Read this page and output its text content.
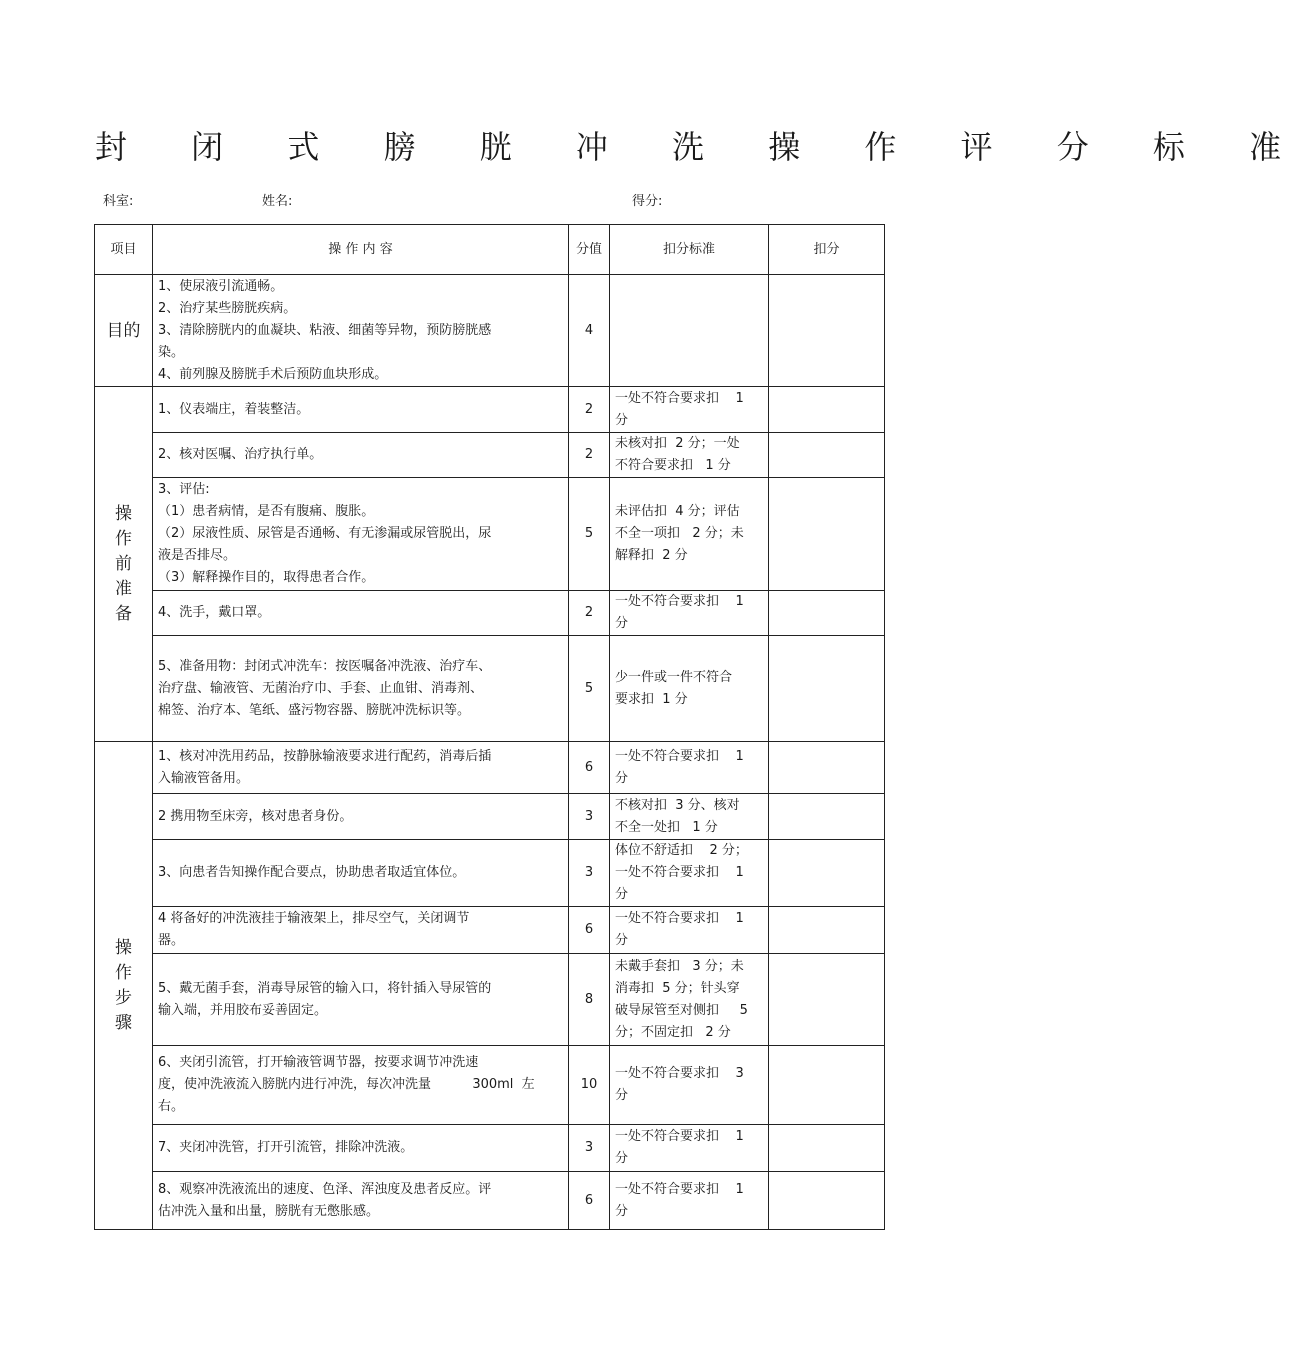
封 闭 式 膀 胱 冲 洗 操 作 评 分 标 准
科室:	姓名:	得分:
项目	操 作 内 容	分值	扣分标准	扣分
目的	1、使尿液引流通畅。
2、治疗某些膀胱疾病。
3、清除膀胱内的血凝块、粘液、细菌等异物，预防膀胱感
染。
4、前列腺及膀胱手术后预防血块形成。	4		
操作前准备	1、仪表端庄，着装整洁。	2	一处不符合要求扣    1
分	

	2、核对医嘱、治疗执行单。	2	未核对扣  2 分；一处
不符合要求扣   1 分	

	3、评估:
（1）患者病情，是否有腹痛、腹胀。
（2）尿液性质、尿管是否通畅、有无渗漏或尿管脱出，尿
液是否排尽。
（3）解释操作目的，取得患者合作。	5	未评估扣  4 分；评估
不全一项扣   2 分；未
解释扣  2 分	

	4、洗手，戴口罩。	2	一处不符合要求扣    1
分	

	5、准备用物：封闭式冲洗车：按医嘱备冲洗液、治疗车、
治疗盘、输液管、无菌治疗巾、手套、止血钳、消毒剂、
棉签、治疗本、笔纸、盛污物容器、膀胱冲洗标识等。	5	少一件或一件不符合
要求扣  1 分	

操作步骤	1、核对冲洗用药品，按静脉输液要求进行配药，消毒后插
入输液管备用。	6	一处不符合要求扣    1
分	

	2 携用物至床旁，核对患者身份。	3	不核对扣  3 分、核对
不全一处扣   1 分	

	3、向患者告知操作配合要点，协助患者取适宜体位。	3	体位不舒适扣    2 分；
一处不符合要求扣    1
分	

	4 将备好的冲洗液挂于输液架上，排尽空气，关闭调节
器。	6	一处不符合要求扣    1
分	

	5、戴无菌手套，消毒导尿管的输入口，将针插入导尿管的
输入端，并用胶布妥善固定。	8	未戴手套扣   3 分；未
消毒扣  5 分；针头穿
破导尿管至对侧扣     5
分；不固定扣   2 分	

	6、夹闭引流管，打开输液管调节器，按要求调节冲洗速
度，使冲洗液流入膀胱内进行冲洗，每次冲洗量          300ml  左
右。	10	一处不符合要求扣    3
分	

	7、夹闭冲洗管，打开引流管，排除冲洗液。	3	一处不符合要求扣    1
分	

	8、观察冲洗液流出的速度、色泽、浑浊度及患者反应。评
估冲洗入量和出量，膀胱有无憋胀感。	6	一处不符合要求扣    1
分	
